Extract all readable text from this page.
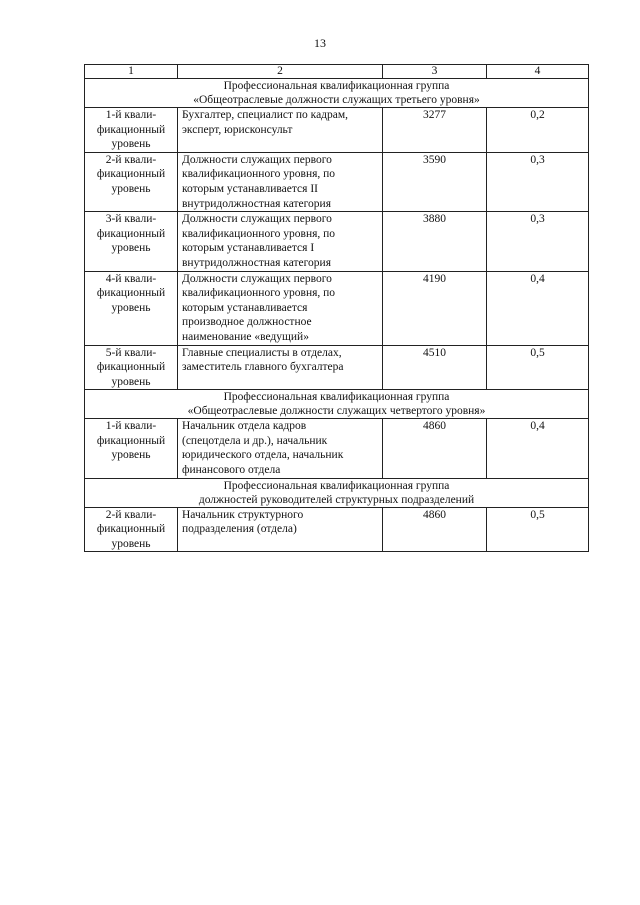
13
1	2	3	4

Профессиональная квалификационная группа
«Общеотраслевые должности служащих третьего уровня»			

1-й квали-
фикационный
уровень	Бухгалтер, специалист по кадрам,
эксперт, юрисконсульт	3277	0,2

2-й квали-
фикационный
уровень	Должности служащих первого
квалификационного уровня, по
которым устанавливается II
внутридолжностная категория	3590	0,3

3-й квали-
фикационный
уровень	Должности служащих первого
квалификационного уровня, по
которым устанавливается I
внутридолжностная категория	3880	0,3

4-й квали-
фикационный
уровень	Должности служащих первого
квалификационного уровня, по
которым устанавливается
производное должностное
наименование «ведущий»	4190	0,4

5-й квали-
фикационный
уровень	Главные специалисты в отделах,
заместитель главного бухгалтера	4510	0,5

Профессиональная квалификационная группа
«Общеотраслевые должности служащих четвертого уровня»			

1-й квали-
фикационный
уровень	Начальник отдела кадров
(спецотдела и др.), начальник
юридического отдела, начальник
финансового отдела	4860	0,4

Профессиональная квалификационная группа
должностей руководителей структурных подразделений			

2-й квали-
фикационный
уровень	Начальник структурного
подразделения (отдела)	4860	0,5
